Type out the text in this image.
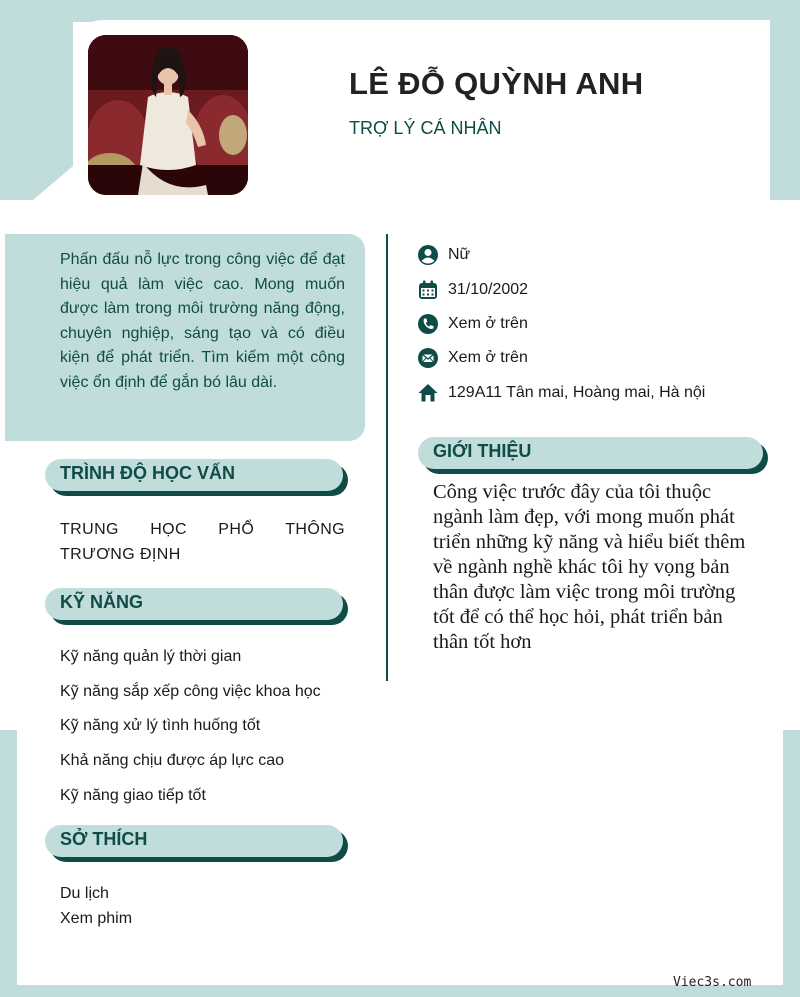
LÊ ĐỖ QUỲNH ANH
TRỢ LÝ CÁ NHÂN
Phấn đấu nỗ lực trong công việc để đạt hiệu quả làm việc cao. Mong muốn được làm trong môi trường năng động, chuyên nghiệp, sáng tạo và có điều kiện để phát triển. Tìm kiếm một công việc ổn định để gắn bó lâu dài.
Nữ
31/10/2002
Xem ở trên
Xem ở trên
129A11 Tân mai, Hoàng mai, Hà nội
GIỚI THIỆU
Công việc trước đây của tôi thuộc ngành làm đẹp, với mong muốn phát triển những kỹ năng và hiểu biết thêm về ngành nghề khác tôi hy vọng bản thân được làm việc trong môi trường tốt để có thể học hỏi, phát triển bản thân tốt hơn
TRÌNH ĐỘ HỌC VẤN
TRUNG HỌC PHỔ THÔNG TRƯƠNG ĐỊNH
KỸ NĂNG
Kỹ năng quản lý thời gian
Kỹ năng sắp xếp công việc khoa học
Kỹ năng xử lý tình huống tốt
Khả năng chịu được áp lực cao
Kỹ năng giao tiếp tốt
SỞ THÍCH
Du lịch
Xem phim
Viec3s.com
